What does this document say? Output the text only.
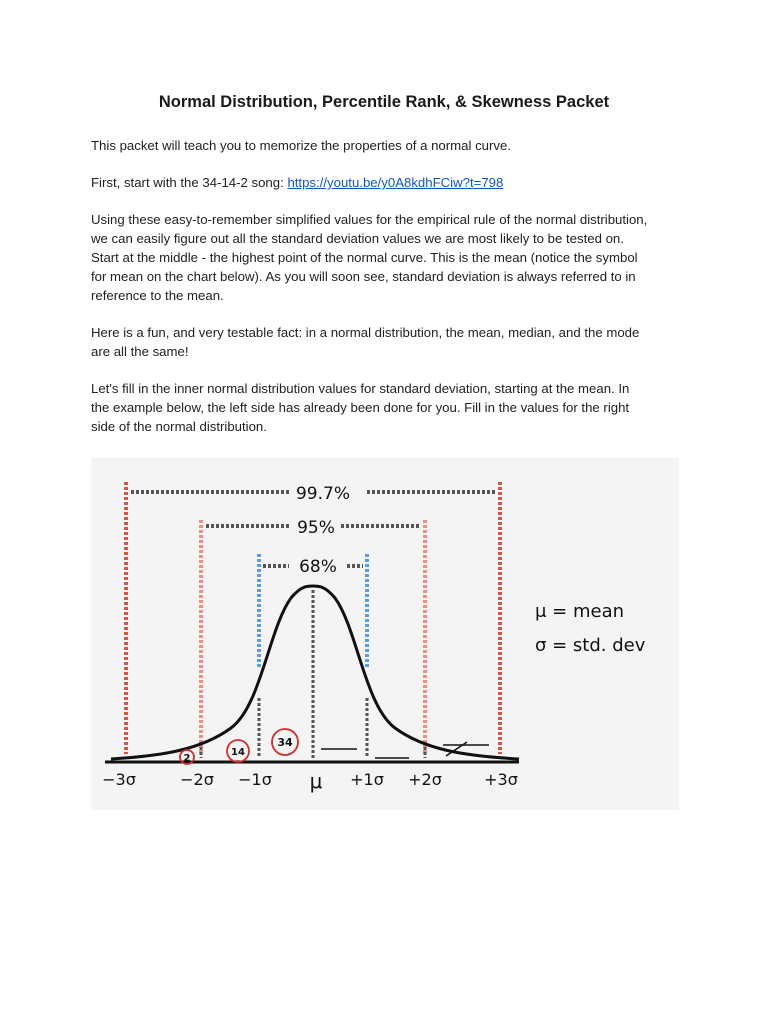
Normal Distribution, Percentile Rank, & Skewness Packet

This packet will teach you to memorize the properties of a normal curve.

First, start with the 34-14-2 song: https://youtu.be/y0A8kdhFCiw?t=798

Using these easy-to-remember simplified values for the empirical rule of the normal distribution,
we can easily figure out all the standard deviation values we are most likely to be tested on.
Start at the middle - the highest point of the normal curve. This is the mean (notice the symbol
for mean on the chart below). As you will soon see, standard deviation is always referred to in
reference to the mean.

Here is a fun, and very testable fact: in a normal distribution, the mean, median, and the mode
are all the same!

Let's fill in the inner normal distribution values for standard deviation, starting at the mean. In
the example below, the left side has already been done for you. Fill in the values for the right
side of the normal distribution.

99.7%
95%
68%
2
14
34
−3σ	−2σ −1σ μ +1σ +2σ	+3σ
μ = mean
σ = std. dev
